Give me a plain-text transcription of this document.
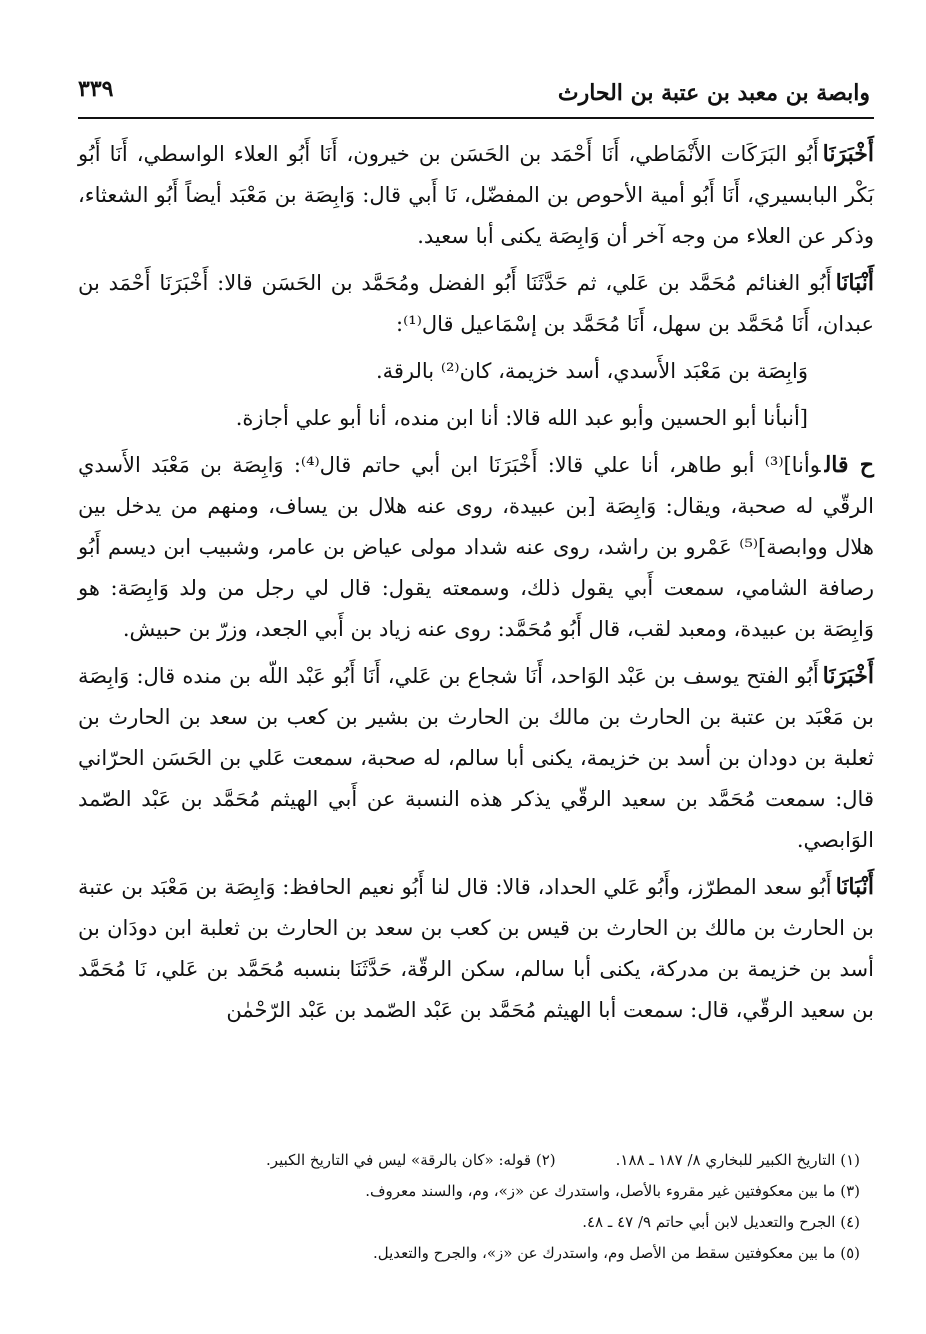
وابصة بن معبد بن عتبة بن الحارث
٣٣٩

أَخْبَرَنَاأَبُو البَرَكَات الأَنْمَاطي، أَنَا أَحْمَد بن الحَسَن بن خيرون، أَنَا أَبُو العلاء الواسطي، أَنَا أَبُو بَكْر البابسيري، أَنَا أَبُو أمية الأحوص بن المفضّل، نَا أَبي قال: وَابِصَة بن مَعْبَد أيضاً أَبُو الشعثاء، وذكر عن العلاء من وجه آخر أن وَابِصَة يكنى أبا سعيد.

أَنْبَانَاأَبُو الغنائم مُحَمَّد بن عَلي، ثم حَدَّثَنَا أَبُو الفضل ومُحَمَّد بن الحَسَن قالا: أَخْبَرَنَا أَحْمَد بن عبدان، أَنَا مُحَمَّد بن سهل، أَنَا مُحَمَّد بن إسْمَاعيل قال⁽¹⁾:

وَابِصَة بن مَعْبَد الأَسدي، أسد خزيمة، كان⁽²⁾ بالرقة.

[أنبأنا أبو الحسين وأبو عبد الله قالا: أنا ابن منده، أنا أبو علي أجازة.

ح قالوأنا]⁽³⁾ أبو طاهر، أنا علي قالا: أَخْبَرَنَا ابن أبي حاتم قال⁽⁴⁾: وَابِصَة بن مَعْبَد الأَسدي الرقّي له صحبة، ويقال: وَابِصَة [بن عبيدة، روى عنه هلال بن يساف، ومنهم من يدخل بين هلال ووابصة]⁽⁵⁾ عَمْرو بن راشد، روى عنه شداد مولى عياض بن عامر، وشبيب ابن ديسم أَبُو رصافة الشامي، سمعت أَبي يقول ذلك، وسمعته يقول: قال لي رجل من ولد وَابِصَة: هو وَابِصَة بن عبيدة، ومعبد لقب، قال أَبُو مُحَمَّد: روى عنه زياد بن أَبي الجعد، وزرّ بن حبيش.

أَخْبَرَنَاأَبُو الفتح يوسف بن عَبْد الوَاحد، أَنَا شجاع بن عَلي، أَنَا أَبُو عَبْد اللّه بن منده قال: وَابِصَة بن مَعْبَد بن عتبة بن الحارث بن مالك بن الحارث بن بشير بن كعب بن سعد بن الحارث بن ثعلبة بن دودان بن أسد بن خزيمة، يكنى أبا سالم، له صحبة، سمعت عَلي بن الحَسَن الحرّاني قال: سمعت مُحَمَّد بن سعيد الرقّي يذكر هذه النسبة عن أَبي الهيثم مُحَمَّد بن عَبْد الصّمد الوَابصي.

أَنْبَانَاأَبُو سعد المطرّز، وأَبُو عَلي الحداد، قالا: قال لنا أَبُو نعيم الحافظ: وَابِصَة بن مَعْبَد بن عتبة بن الحارث بن مالك بن الحارث بن قيس بن كعب بن سعد بن الحارث بن ثعلبة ابن دودَان بن أسد بن خزيمة بن مدركة، يكنى أبا سالم، سكن الرقّة، حَدَّثَنَا بنسبه مُحَمَّد بن عَلي، نَا مُحَمَّد بن سعيد الرقّي، قال: سمعت أبا الهيثم مُحَمَّد بن عَبْد الصّمد بن عَبْد الرّحْمٰن

(١) التاريخ الكبير للبخاري ٨/ ١٨٧ ـ ١٨٨.(٢) قوله: «كان بالرقة» ليس في التاريخ الكبير.
(٣) ما بين معكوفتين غير مقروء بالأصل، واستدرك عن «ز»، وم، والسند معروف.
(٤) الجرح والتعديل لابن أبي حاتم ٩/ ٤٧ ـ ٤٨.
(٥) ما بين معكوفتين سقط من الأصل وم، واستدرك عن «ز»، والجرح والتعديل.
